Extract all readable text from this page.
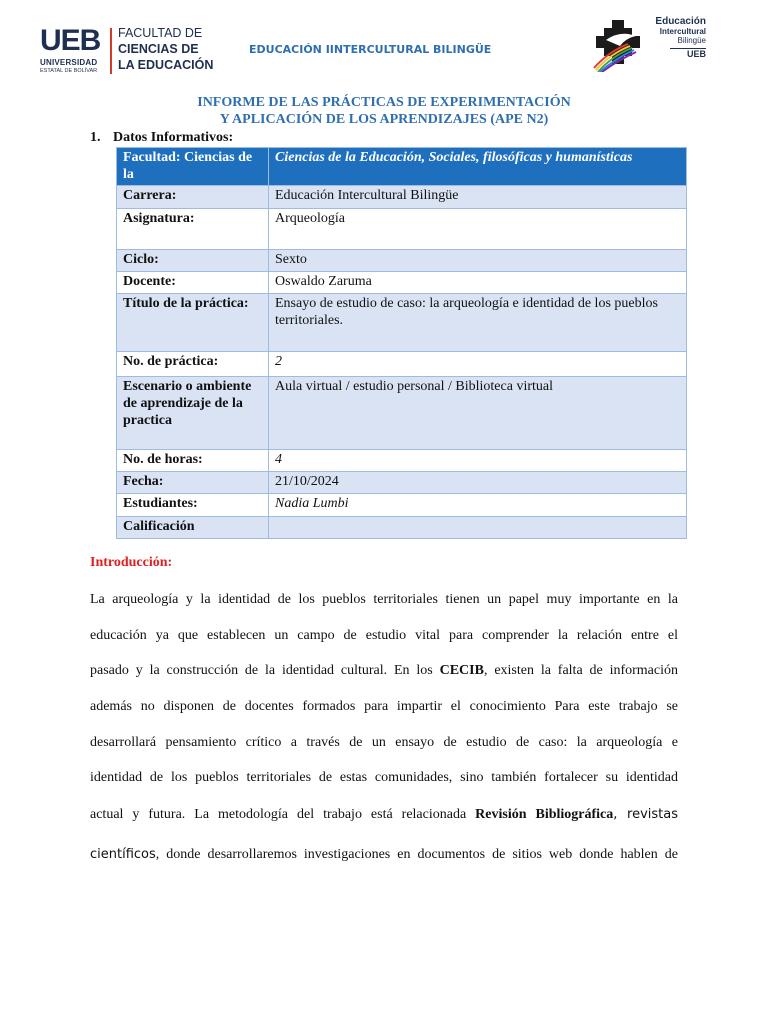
UEB
UNIVERSIDAD
ESTATAL DE BOLÍVAR
FACULTAD DE
CIENCIAS DE
LA EDUCACIÓN
EDUCACIÓN IINTERCULTURAL BILINGÜE
Educación
Intercultural
Bilingüe
UEB
INFORME DE LAS PRÁCTICAS DE EXPERIMENTACIÓN
Y APLICACIÓN DE LOS APRENDIZAJES (APE N2)
1. Datos Informativos:
Facultad: Ciencias de la	Ciencias de la Educación, Sociales, filosóficas y humanísticas
Carrera:	Educación Intercultural Bilingüe
Asignatura:	Arqueología
Ciclo:	Sexto
Docente:	Oswaldo Zaruma
Título de la práctica:	Ensayo de estudio de caso: la arqueología e identidad de los pueblos territoriales.
No. de práctica:	2
Escenario o ambiente de aprendizaje de la practica	Aula virtual / estudio personal / Biblioteca virtual
No. de horas:	4
Fecha:	21/10/2024
Estudiantes:	Nadia Lumbi
Calificación	
Introducción:
La arqueología y la identidad de los pueblos territoriales tienen un papel muy importante en la
educación ya que establecen un campo de estudio vital para comprender la relación entre el
pasado y la construcción de la identidad cultural. En los CECIB, existen la falta de información
además no disponen de docentes formados para impartir el conocimiento Para este trabajo se
desarrollará pensamiento crítico a través de un ensayo de estudio de caso: la arqueología e
identidad de los pueblos territoriales de estas comunidades, sino también fortalecer su identidad
actual y futura. La metodología del trabajo está relacionada Revisión Bibliográfica, revistas
científicos, donde desarrollaremos investigaciones en documentos de sitios web donde hablen de
